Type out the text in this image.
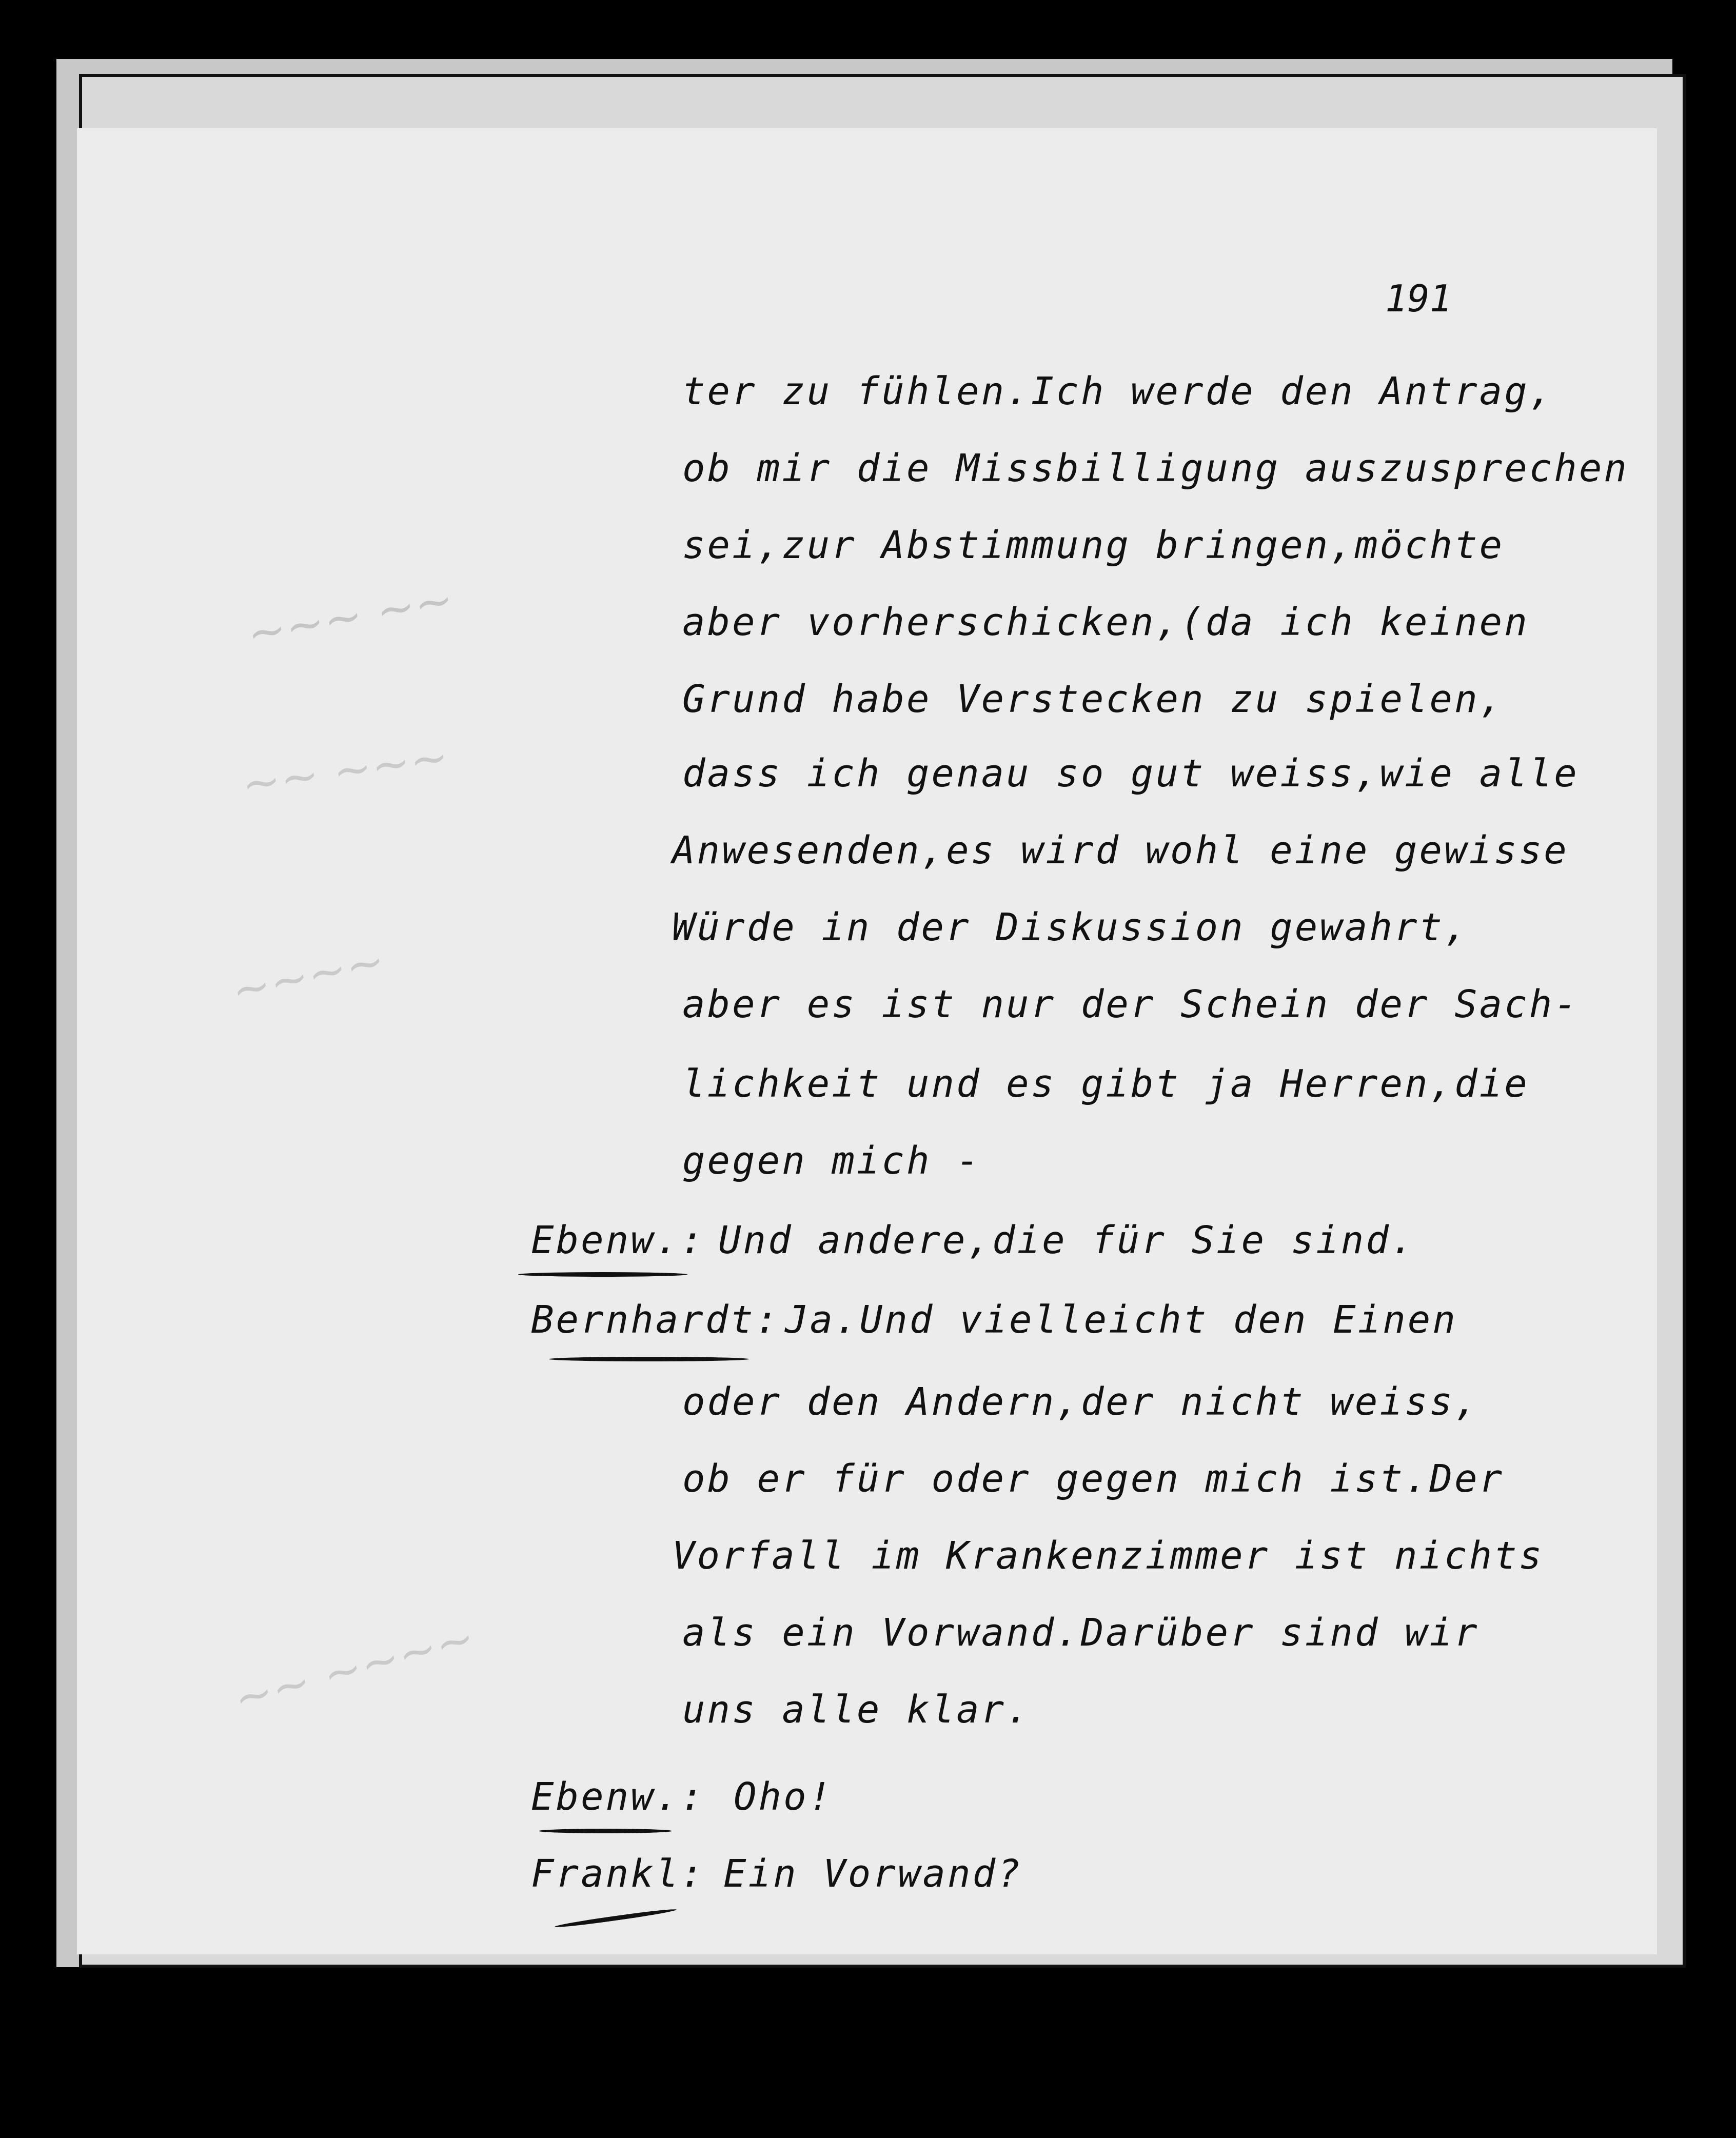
~~~ ~~
~~ ~~~
~~~~
~~ ~~~~
191
ter zu fühlen.Ich werde den Antrag,
ob mir die Missbilligung auszusprechen
sei,zur Abstimmung bringen,möchte
aber vorherschicken,(da ich keinen
Grund habe Verstecken zu spielen,
dass ich genau so gut weiss,wie alle
Anwesenden,es wird wohl eine gewisse
Würde in der Diskussion gewahrt,
aber es ist nur der Schein der Sach-
lichkeit und es gibt ja Herren,die
gegen mich -
Ebenw.: Und andere,die für Sie sind.
Bernhardt: Ja.Und vielleicht den Einen
oder den Andern,der nicht weiss,
ob er für oder gegen mich ist.Der
Vorfall im Krankenzimmer ist nichts
als ein Vorwand.Darüber sind wir
uns alle klar.
Ebenw.: Oho!
Frankl: Ein Vorwand?
